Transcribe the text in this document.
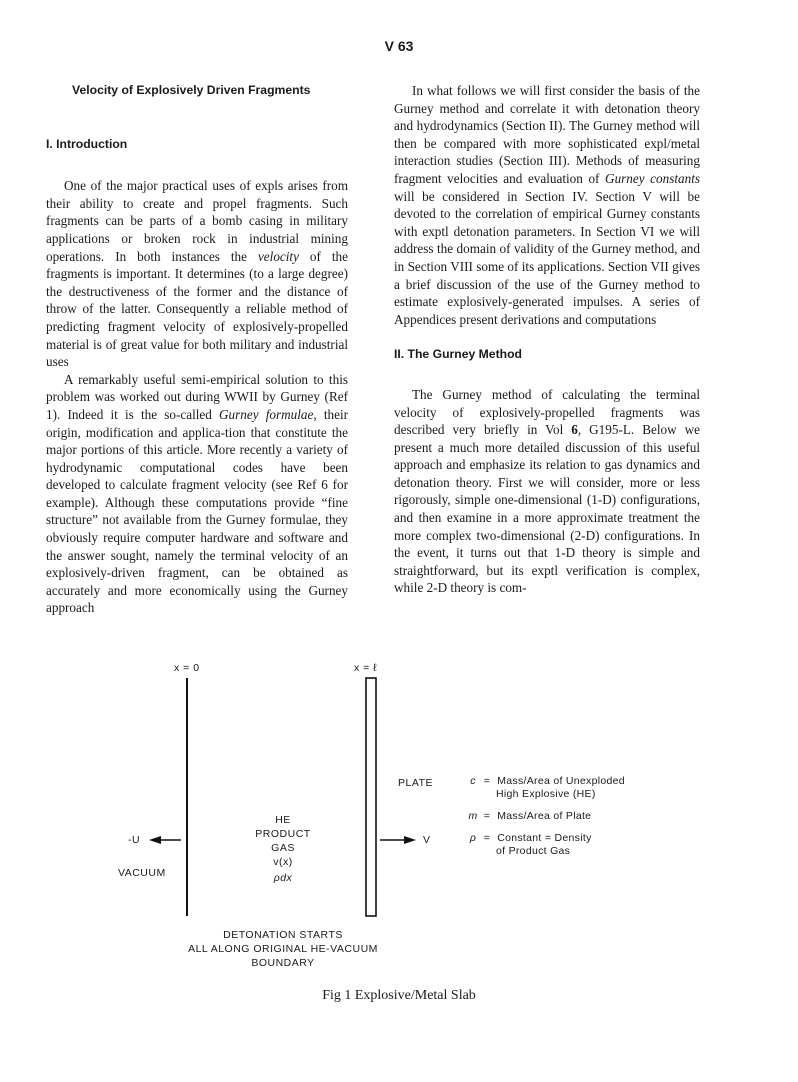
V 63
Velocity of Explosively Driven Fragments
I. Introduction

One of the major practical uses of expls arises from their ability to create and propel fragments. Such fragments can be parts of a bomb casing in military applications or broken rock in industrial mining operations. In both instances the velocity of the fragments is important. It determines (to a large degree) the destructiveness of the former and the distance of throw of the latter. Consequently a reliable method of predicting fragment velocity of explosively-propelled material is of great value for both military and industrial uses

A remarkably useful semi-empirical solution to this problem was worked out during WWII by Gurney (Ref 1). Indeed it is the so-called Gurney formulae, their origin, modification and applica-tion that constitute the major portions of this article. More recently a variety of hydrodynamic computational codes have been developed to calculate fragment velocity (see Ref 6 for example). Although these computations provide “fine structure” not available from the Gurney formulae, they obviously require computer hardware and software and the answer sought, namely the terminal velocity of an explosively-driven fragment, can be obtained as accurately and more economically using the Gurney approach

In what follows we will first consider the basis of the Gurney method and correlate it with detonation theory and hydrodynamics (Section II). The Gurney method will then be compared with more sophisticated expl/metal interaction studies (Section III). Methods of measuring fragment velocities and evaluation of Gurney constants will be considered in Section IV. Section V will be devoted to the correlation of empirical Gurney constants with exptl detonation parameters. In Section VI we will address the domain of validity of the Gurney method, and in Section VIII some of its applications. Section VII gives a brief discussion of the use of the Gurney method to estimate explosively-generated impulses. A series of Appendices present derivations and computations

II. The Gurney Method

The Gurney method of calculating the terminal velocity of explosively-propelled fragments was described very briefly in Vol 6, G195-L. Below we present a much more detailed discussion of this useful approach and emphasize its relation to gas dynamics and detonation theory. First we will consider, more or less rigorously, simple one-dimensional (1-D) configurations, and then examine in a more approximate treatment the more complex two-dimensional (2-D) configurations. In the event, it turns out that 1-D theory is simple and straightforward, but its exptl verification is complex, while 2-D theory is com-

x = 0	x = ℓ
PLATE
HE
PRODUCT
GAS
v(x)
ρdx
-U	V
VACUUM
DETONATION STARTS
ALL ALONG ORIGINAL HE-VACUUM
BOUNDARY
c = Mass/Area of Unexploded
High Explosive (HE)
m = Mass/Area of Plate
ρ = Constant = Density
of Product Gas
Fig 1 Explosive/Metal Slab
